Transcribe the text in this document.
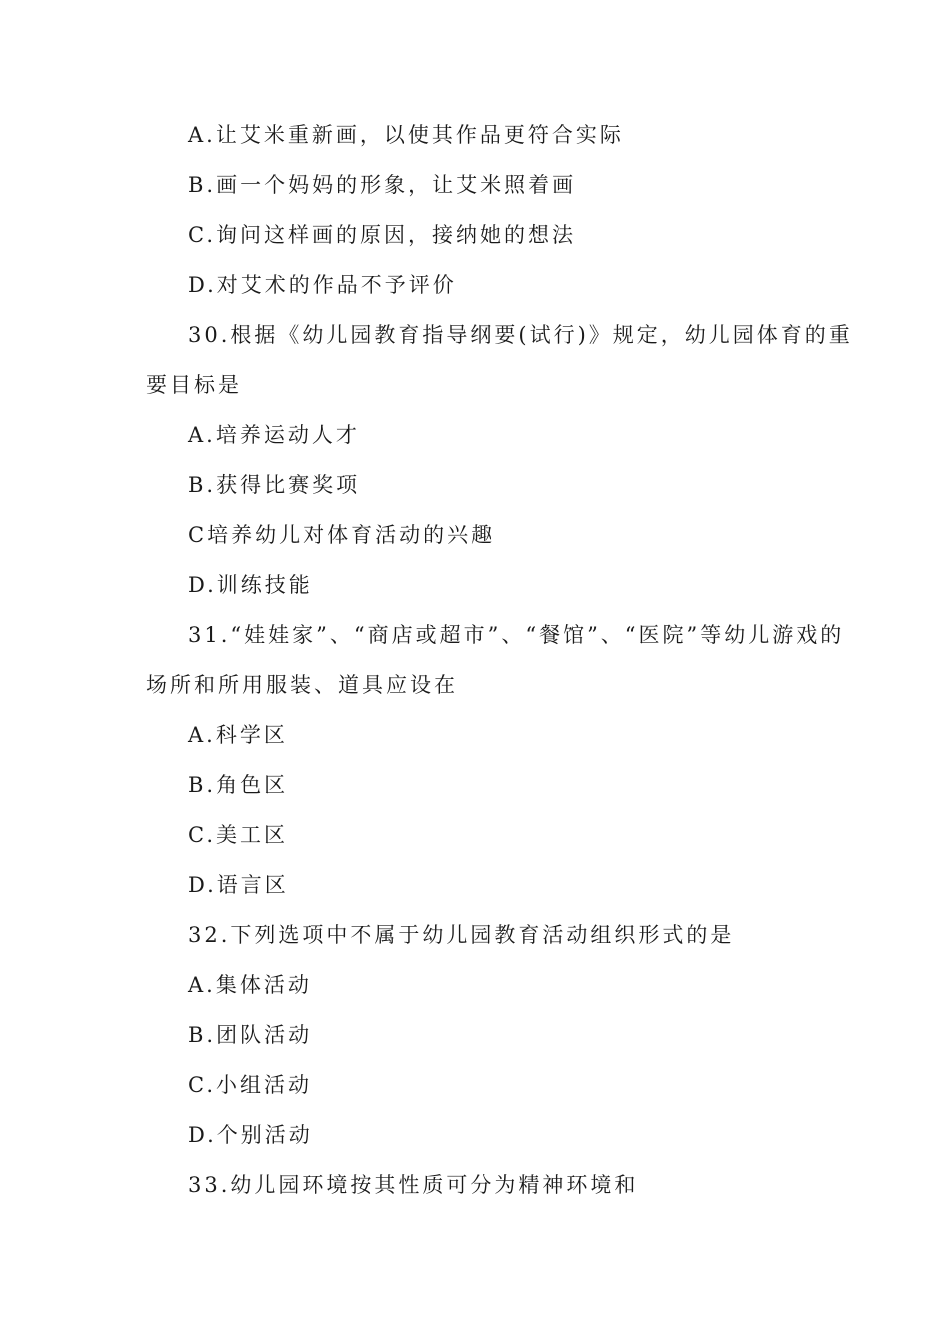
A.让艾米重新画，以使其作品更符合实际
B.画一个妈妈的形象，让艾米照着画
C.询问这样画的原因，接纳她的想法
D.对艾术的作品不予评价
30.根据《幼儿园教育指导纲要(试行)》规定，幼儿园体育的重
要目标是
A.培养运动人才
B.获得比赛奖项
C培养幼儿对体育活动的兴趣
D.训练技能
31.“娃娃家”、“商店或超市”、“餐馆”、“医院”等幼儿游戏的
场所和所用服装、道具应设在
A.科学区
B.角色区
C.美工区
D.语言区
32.下列选项中不属于幼儿园教育活动组织形式的是
A.集体活动
B.团队活动
C.小组活动
D.个别活动
33.幼儿园环境按其性质可分为精神环境和
